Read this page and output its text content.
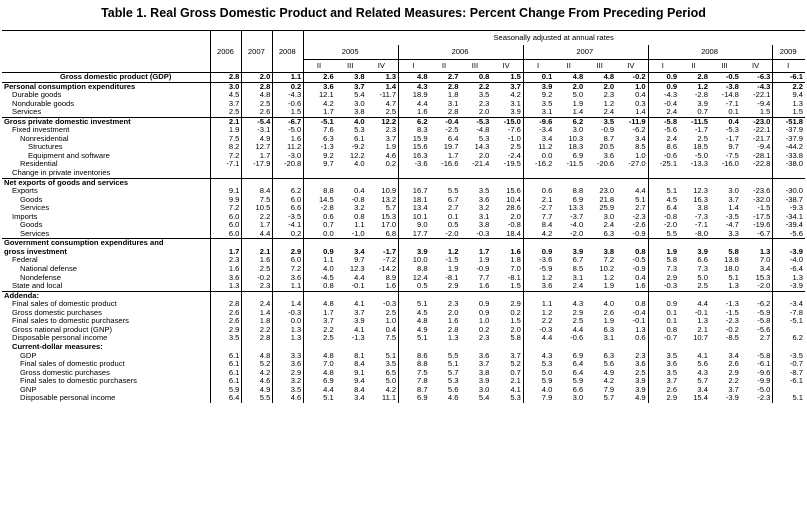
Table 1. Real Gross Domestic Product and Related Measures: Percent Change From Preceding Period
				Seasonally adjusted at annual rates															
	2006	2007	2008	2005			2006				2007				2008				2009
				II	III	IV	I	II	III	IV	I	II	III	IV	I	II	III	IV	I
Gross domestic product (GDP)	2.8	2.0	1.1	2.6	3.8	1.3	4.8	2.7	0.8	1.5	0.1	4.8	4.8	-0.2	0.9	2.8	-0.5	-6.3	-6.1
Personal consumption expenditures	3.0	2.8	0.2	3.6	3.7	1.4	4.3	2.8	2.2	3.7	3.9	2.0	2.0	1.0	0.9	1.2	-3.8	-4.3	2.2
Durable goods	4.5	4.8	-4.3	12.1	5.4	-11.7	18.9	1.8	3.5	4.2	9.2	5.0	2.3	0.4	-4.3	-2.8	-14.8	-22.1	9.4
Nondurable goods	3.7	2.5	-0.6	4.2	3.0	4.7	4.4	3.1	2.3	3.1	3.5	1.9	1.2	0.3	-0.4	3.9	-7.1	-9.4	1.3
Services	2.5	2.6	1.5	1.7	3.8	2.5	1.6	2.8	2.0	3.9	3.1	1.4	2.4	1.4	2.4	0.7	0.1	1.5	1.5
Gross private domestic investment	2.1	-5.4	-6.7	-5.1	4.0	12.2	6.2	-0.4	-5.3	-15.0	-9.6	6.2	3.5	-11.9	-5.8	-11.5	0.4	-23.0	-51.8
Fixed investment	1.9	-3.1	-5.0	7.6	5.3	2.3	8.3	-2.5	-4.8	-7.6	-3.4	3.0	-0.9	-6.2	-5.6	-1.7	-5.3	-22.1	-37.9
Nonresidential	7.5	4.9	1.6	6.3	6.1	3.7	15.9	6.4	5.3	-1.0	3.4	10.3	8.7	3.4	2.4	2.5	-1.7	-21.7	-37.9
Structures	8.2	12.7	11.2	-1.3	-9.2	1.9	15.6	19.7	14.3	2.5	11.2	18.3	20.5	8.5	8.6	18.5	9.7	-9.4	-44.2
Equipment and software	7.2	1.7	-3.0	9.2	12.2	4.6	16.3	1.7	2.0	-2.4	0.0	6.9	3.6	1.0	-0.6	-5.0	-7.5	-28.1	-33.8
Residential	-7.1	-17.9	-20.8	9.7	4.0	0.2	-3.6	-16.6	-21.4	-19.5	-16.2	-11.5	-20.6	-27.0	-25.1	-13.3	-16.0	-22.8	-38.0
Change in private inventories																			
Net exports of goods and services																			
Exports	9.1	8.4	6.2	8.8	0.4	10.9	16.7	5.5	3.5	15.6	0.6	8.8	23.0	4.4	5.1	12.3	3.0	-23.6	-30.0
Goods	9.9	7.5	6.0	14.5	-0.8	13.2	18.1	6.7	3.6	10.4	2.1	6.9	21.8	5.1	4.5	16.3	3.7	-32.0	-38.7
Services	7.2	10.5	6.6	-2.8	3.2	5.7	13.4	2.7	3.2	28.6	-2.7	13.3	25.9	2.7	6.4	3.8	1.4	-1.5	-9.3
Imports	6.0	2.2	-3.5	0.6	0.8	15.3	10.1	0.1	3.1	2.0	7.7	-3.7	3.0	-2.3	-0.8	-7.3	-3.5	-17.5	-34.1
Goods	6.0	1.7	-4.1	0.7	1.1	17.0	9.0	0.5	3.8	-0.8	8.4	-4.0	2.4	-2.6	-2.0	-7.1	-4.7	-19.6	-39.4
Services	6.0	4.4	0.2	0.0	-1.0	6.8	17.7	-2.0	-0.3	18.4	4.2	-2.0	6.3	-0.9	5.5	-8.0	3.3	-6.7	-5.6
Government consumption expenditures and																			
gross investment	1.7	2.1	2.9	0.9	3.4	-1.7	3.9	1.2	1.7	1.6	0.9	3.9	3.8	0.8	1.9	3.9	5.8	1.3	-3.9
Federal	2.3	1.6	6.0	1.1	9.7	-7.2	10.0	-1.5	1.9	1.8	-3.6	6.7	7.2	-0.5	5.8	6.6	13.8	7.0	-4.0
National defense	1.6	2.5	7.2	4.0	12.3	-14.2	8.8	1.9	-0.9	7.0	-5.9	8.5	10.2	-0.9	7.3	7.3	18.0	3.4	-6.4
Nondefense	3.6	-0.2	3.6	-4.5	4.4	8.9	12.4	-8.1	7.7	-8.1	1.2	3.1	1.2	0.4	2.9	5.0	5.1	15.3	1.3
State and local	1.3	2.3	1.1	0.8	-0.1	1.6	0.5	2.9	1.6	1.5	3.6	2.4	1.9	1.6	-0.3	2.5	1.3	-2.0	-3.9
Addenda:																			
Final sales of domestic product	2.8	2.4	1.4	4.8	4.1	-0.3	5.1	2.3	0.9	2.9	1.1	4.3	4.0	0.8	0.9	4.4	-1.3	-6.2	-3.4
Gross domestic purchases	2.6	1.4	-0.3	1.7	3.7	2.5	4.5	2.0	0.9	0.2	1.2	2.9	2.6	-0.4	0.1	-0.1	-1.5	-5.9	-7.8
Final sales to domestic purchasers	2.6	1.8	0.0	3.7	3.9	1.0	4.8	1.6	1.0	1.5	2.2	2.5	1.9	-0.1	0.1	1.3	-2.3	-5.8	-5.1
Gross national product (GNP)	2.9	2.2	1.3	2.2	4.1	0.4	4.9	2.8	0.2	2.0	-0.3	4.4	6.3	1.3	0.8	2.1	-0.2	-5.6	
Disposable personal income	3.5	2.8	1.3	2.5	-1.3	7.5	5.1	1.3	2.3	5.8	4.4	-0.6	3.1	0.6	-0.7	10.7	-8.5	2.7	6.2
Current-dollar measures:																			
GDP	6.1	4.8	3.3	4.8	8.1	5.1	8.6	5.5	3.6	3.7	4.3	6.9	6.3	2.3	3.5	4.1	3.4	-5.8	-3.5
Final sales of domestic product	6.1	5.2	3.6	7.0	8.4	3.5	8.8	5.1	3.7	5.2	5.3	6.4	5.6	3.6	3.6	5.6	2.6	-6.1	-0.7
Gross domestic purchases	6.1	4.2	2.9	4.8	9.1	6.5	7.5	5.7	3.8	0.7	5.0	6.4	4.9	2.5	3.5	4.3	2.9	-9.6	-8.7
Final sales to domestic purchasers	6.1	4.6	3.2	6.9	9.4	5.0	7.8	5.3	3.9	2.1	5.9	5.9	4.2	3.9	3.7	5.7	2.2	-9.9	-6.1
GNP	5.9	4.9	3.5	4.4	8.4	4.2	8.7	5.6	3.0	4.1	4.0	6.6	7.9	3.9	2.6	3.4	3.7	-5.0	
Disposable personal income	6.4	5.5	4.6	5.1	3.4	11.1	6.9	4.6	5.4	5.3	7.9	3.0	5.7	4.9	2.9	15.4	-3.9	-2.3	5.1
